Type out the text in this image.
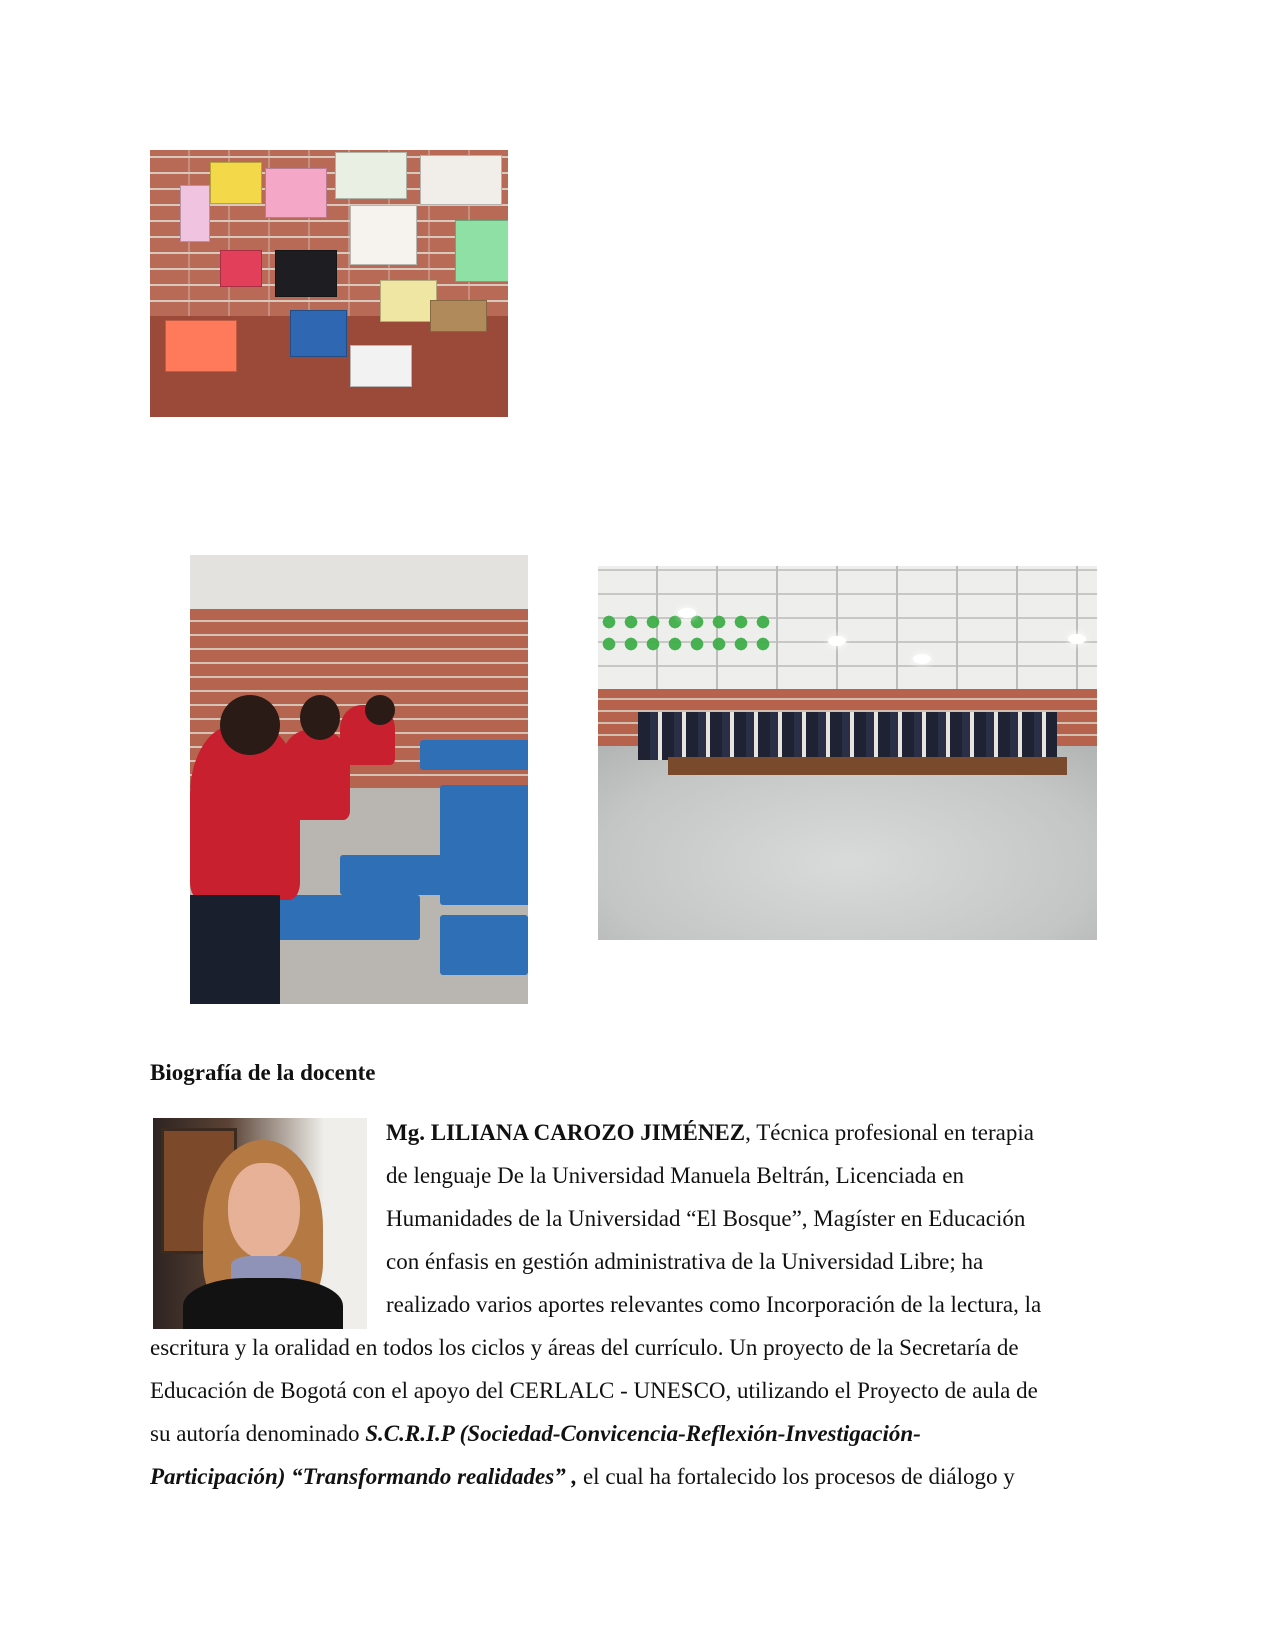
Biografía de la docente

Mg. LILIANA CAROZO JIMÉNEZ, Técnica profesional en terapia

de lenguaje De la Universidad Manuela Beltrán, Licenciada en

Humanidades de la Universidad “El Bosque”, Magíster en Educación

con énfasis en gestión administrativa de la Universidad Libre; ha

realizado varios aportes relevantes como Incorporación de la lectura, la

escritura y la oralidad en todos los ciclos y áreas del currículo. Un proyecto de la Secretaría de

Educación de Bogotá con el apoyo del CERLALC - UNESCO, utilizando el Proyecto de aula de

su autoría denominado S.C.R.I.P (Sociedad-Convicencia-Reflexión-Investigación-

Participación) “Transformando realidades” , el cual ha fortalecido los procesos de diálogo y
